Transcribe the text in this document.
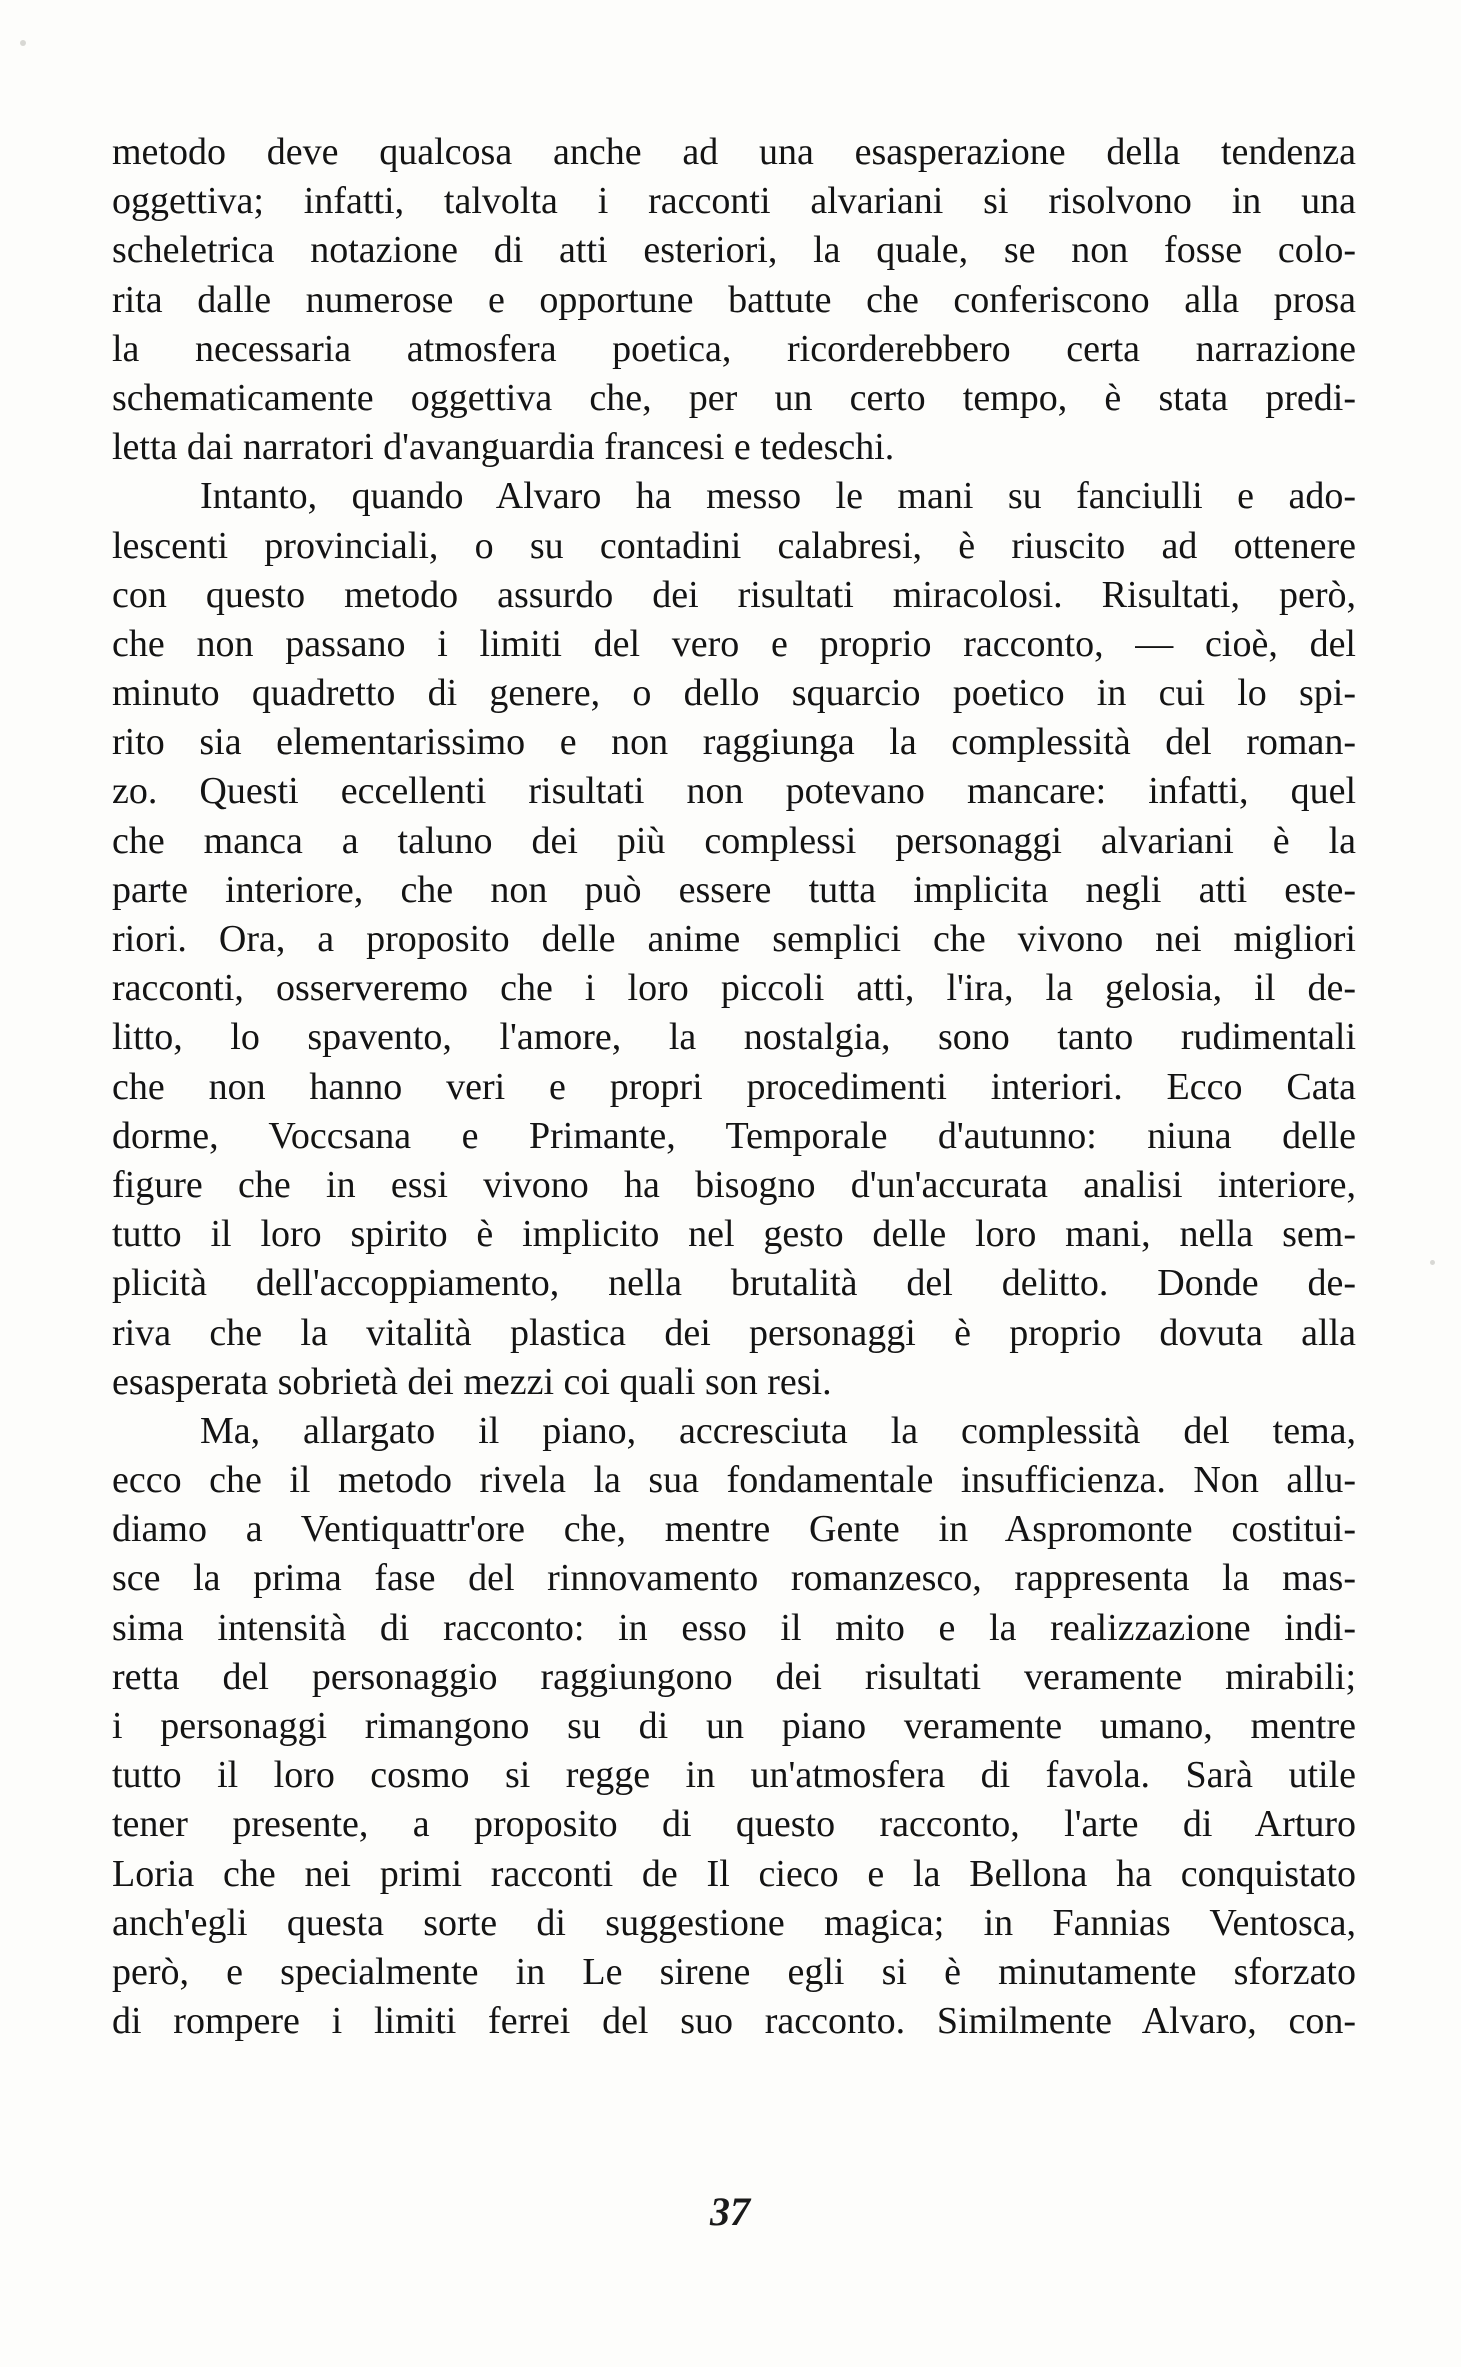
metodo deve qualcosa anche ad una esasperazione della tendenza
oggettiva; infatti, talvolta i racconti alvariani si risolvono in una
scheletrica notazione di atti esteriori, la quale, se non fosse colo-
rita dalle numerose e opportune battute che conferiscono alla prosa
la necessaria atmosfera poetica, ricorderebbero certa narrazione
schematicamente oggettiva che, per un certo tempo, è stata predi-
letta dai narratori d'avanguardia francesi e tedeschi.
Intanto, quando Alvaro ha messo le mani su fanciulli e ado-
lescenti provinciali, o su contadini calabresi, è riuscito ad ottenere
con questo metodo assurdo dei risultati miracolosi. Risultati, però,
che non passano i limiti del vero e proprio racconto, — cioè, del
minuto quadretto di genere, o dello squarcio poetico in cui lo spi-
rito sia elementarissimo e non raggiunga la complessità del roman-
zo. Questi eccellenti risultati non potevano mancare: infatti, quel
che manca a taluno dei più complessi personaggi alvariani è la
parte interiore, che non può essere tutta implicita negli atti este-
riori. Ora, a proposito delle anime semplici che vivono nei migliori
racconti, osserveremo che i loro piccoli atti, l'ira, la gelosia, il de-
litto, lo spavento, l'amore, la nostalgia, sono tanto rudimentali
che non hanno veri e propri procedimenti interiori. Ecco Cata
dorme, Voccsana e Primante, Temporale d'autunno: niuna delle
figure che in essi vivono ha bisogno d'un'accurata analisi interiore,
tutto il loro spirito è implicito nel gesto delle loro mani, nella sem-
plicità dell'accoppiamento, nella brutalità del delitto. Donde de-
riva che la vitalità plastica dei personaggi è proprio dovuta alla
esasperata sobrietà dei mezzi coi quali son resi.
Ma, allargato il piano, accresciuta la complessità del tema,
ecco che il metodo rivela la sua fondamentale insufficienza. Non allu-
diamo a Ventiquattr'ore che, mentre Gente in Aspromonte costitui-
sce la prima fase del rinnovamento romanzesco, rappresenta la mas-
sima intensità di racconto: in esso il mito e la realizzazione indi-
retta del personaggio raggiungono dei risultati veramente mirabili;
i personaggi rimangono su di un piano veramente umano, mentre
tutto il loro cosmo si regge in un'atmosfera di favola. Sarà utile
tener presente, a proposito di questo racconto, l'arte di Arturo
Loria che nei primi racconti de Il cieco e la Bellona ha conquistato
anch'egli questa sorte di suggestione magica; in Fannias Ventosca,
però, e specialmente in Le sirene egli si è minutamente sforzato
di rompere i limiti ferrei del suo racconto. Similmente Alvaro, con-
37
